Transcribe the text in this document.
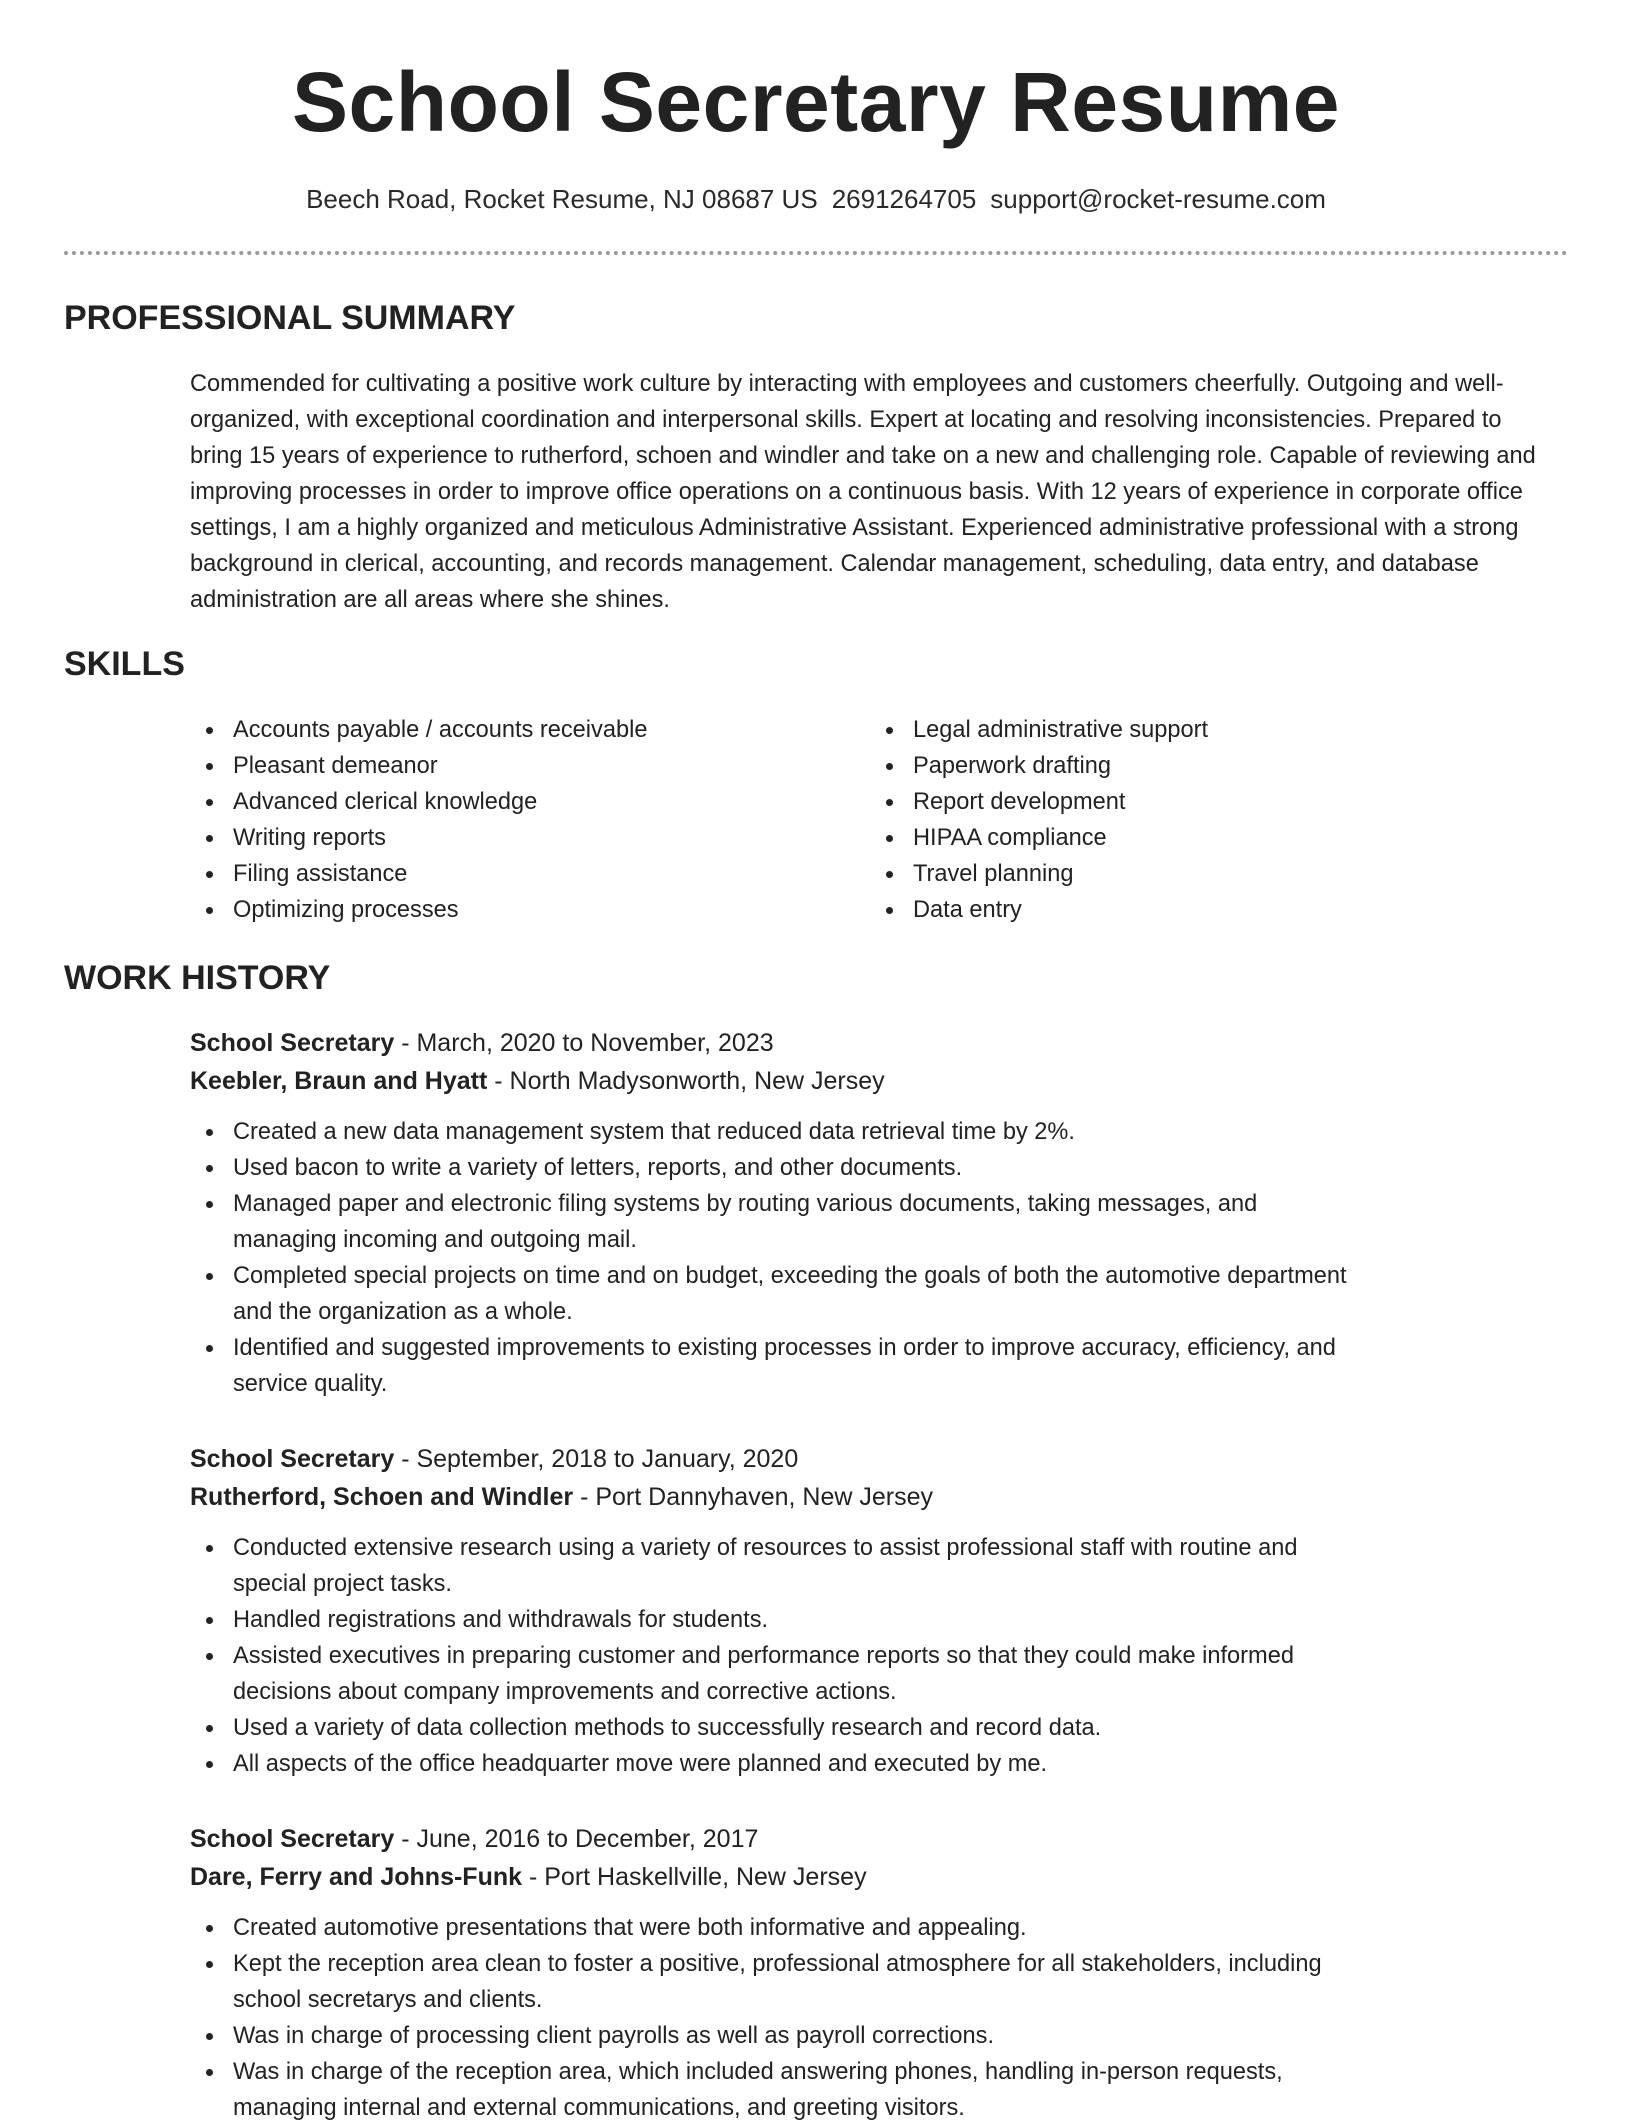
School Secretary Resume
Beech Road, Rocket Resume, NJ 08687 US 2691264705 support@rocket-resume.com
PROFESSIONAL SUMMARY

Commended for cultivating a positive work culture by interacting with employees and customers cheerfully. Outgoing and well-organized, with exceptional coordination and interpersonal skills. Expert at locating and resolving inconsistencies. Prepared to bring 15 years of experience to rutherford, schoen and windler and take on a new and challenging role. Capable of reviewing and improving processes in order to improve office operations on a continuous basis. With 12 years of experience in corporate office settings, I am a highly organized and meticulous Administrative Assistant. Experienced administrative professional with a strong background in clerical, accounting, and records management. Calendar management, scheduling, data entry, and database administration are all areas where she shines.

SKILLS
Accounts payable / accounts receivable
Pleasant demeanor
Advanced clerical knowledge
Writing reports
Filing assistance
Optimizing processes
Legal administrative support
Paperwork drafting
Report development
HIPAA compliance
Travel planning
Data entry
WORK HISTORY
School Secretary - March, 2020 to November, 2023
Keebler, Braun and Hyatt - North Madysonworth, New Jersey
Created a new data management system that reduced data retrieval time by 2%.
Used bacon to write a variety of letters, reports, and other documents.
Managed paper and electronic filing systems by routing various documents, taking messages, and managing incoming and outgoing mail.
Completed special projects on time and on budget, exceeding the goals of both the automotive department and the organization as a whole.
Identified and suggested improvements to existing processes in order to improve accuracy, efficiency, and service quality.
School Secretary - September, 2018 to January, 2020
Rutherford, Schoen and Windler - Port Dannyhaven, New Jersey
Conducted extensive research using a variety of resources to assist professional staff with routine and special project tasks.
Handled registrations and withdrawals for students.
Assisted executives in preparing customer and performance reports so that they could make informed decisions about company improvements and corrective actions.
Used a variety of data collection methods to successfully research and record data.
All aspects of the office headquarter move were planned and executed by me.
School Secretary - June, 2016 to December, 2017
Dare, Ferry and Johns-Funk - Port Haskellville, New Jersey
Created automotive presentations that were both informative and appealing.
Kept the reception area clean to foster a positive, professional atmosphere for all stakeholders, including school secretarys and clients.
Was in charge of processing client payrolls as well as payroll corrections.
Was in charge of the reception area, which included answering phones, handling in-person requests, managing internal and external communications, and greeting visitors.
